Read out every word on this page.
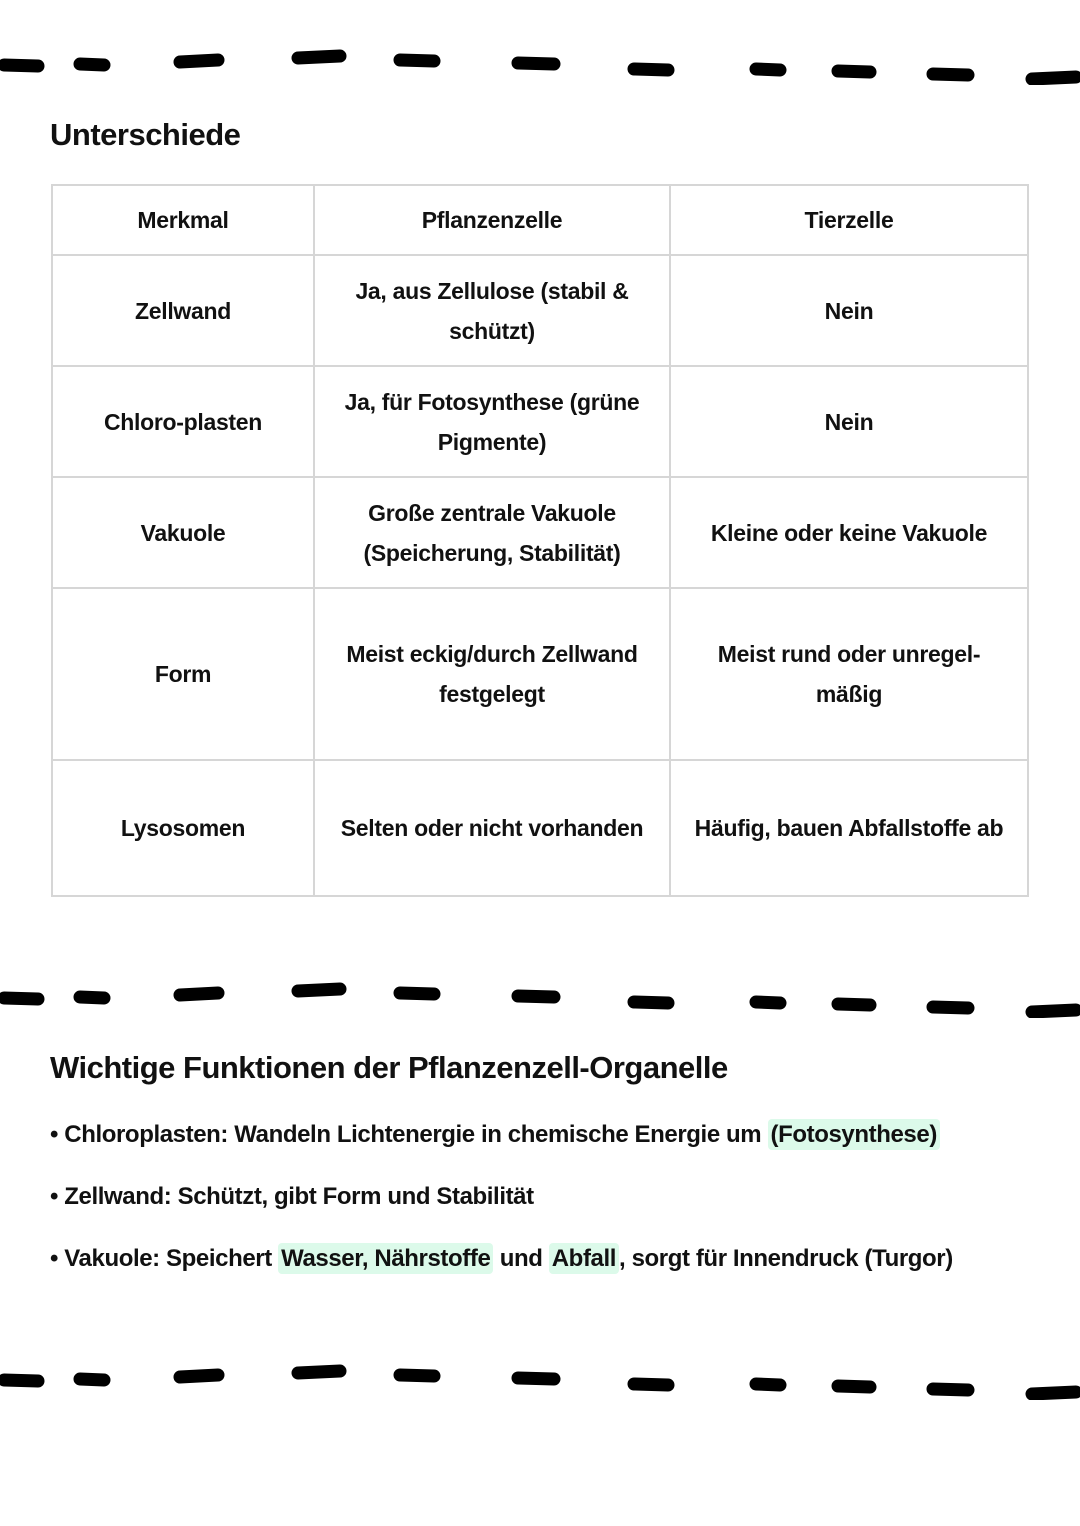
Unterschiede
Merkmal	Pflanzenzelle	Tierzelle
Zellwand	Ja, aus Zellulose (stabil & schützt)	Nein
Chloro-plasten	Ja, für Fotosynthese (grüne Pigmente)	Nein
Vakuole	Große zentrale Vakuole (Speicherung, Stabilität)	Kleine oder keine Vakuole
Form	Meist eckig/durch Zellwand festgelegt	Meist rund oder unregel-mäßig
Lysosomen	Selten oder nicht vorhanden	Häufig, bauen Abfallstoffe ab
Wichtige Funktionen der Pflanzenzell-Organelle
• Chloroplasten: Wandeln Lichtenergie in chemische Energie um (Fotosynthese)
• Zellwand: Schützt, gibt Form und Stabilität
• Vakuole: Speichert Wasser, Nährstoffe und Abfall , sorgt für Innendruck (Turgor)
